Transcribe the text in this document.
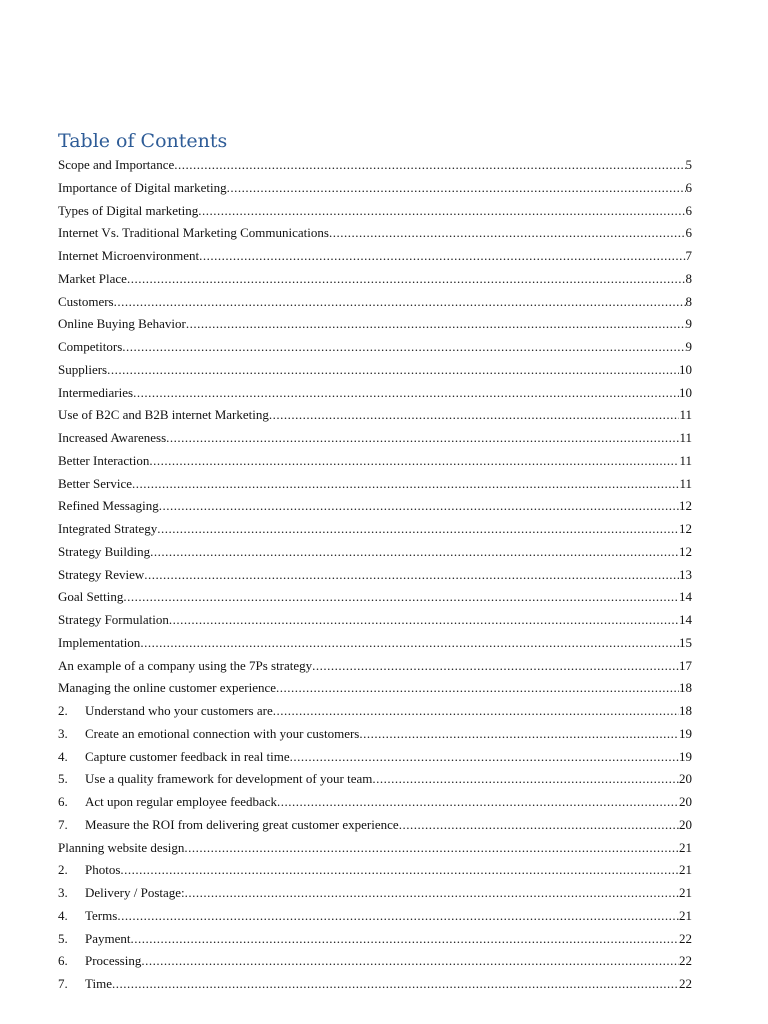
Table of Contents
Scope and Importance .....	5
Importance of Digital marketing .....	6
Types of Digital marketing .....	6
Internet Vs. Traditional Marketing Communications .....	6
Internet Microenvironment .....	7
Market Place .....	8
Customers .....	8
Online Buying Behavior .....	9
Competitors .....	9
Suppliers .....	10
Intermediaries .....	10
Use of B2C and B2B internet Marketing .....	11
Increased Awareness .....	11
Better Interaction .....	11
Better Service .....	11
Refined Messaging .....	12
Integrated Strategy .....	12
Strategy Building .....	12
Strategy Review .....	13
Goal Setting .....	14
Strategy Formulation .....	14
Implementation .....	15
An example of a company using the 7Ps strategy .....	17
Managing the online customer experience .....	18
2.	Understand who your customers are .....	18
3.	Create an emotional connection with your customers .....	19
4.	Capture customer feedback in real time .....	19
5.	Use a quality framework for development of your team .....	20
6.	Act upon regular employee feedback .....	20
7.	Measure the ROI from delivering great customer experience .....	20
Planning website design .....	21
2.	Photos .....	21
3.	Delivery / Postage: .....	21
4.	Terms .....	21
5.	Payment .....	22
6.	Processing .....	22
7.	Time .....	22
